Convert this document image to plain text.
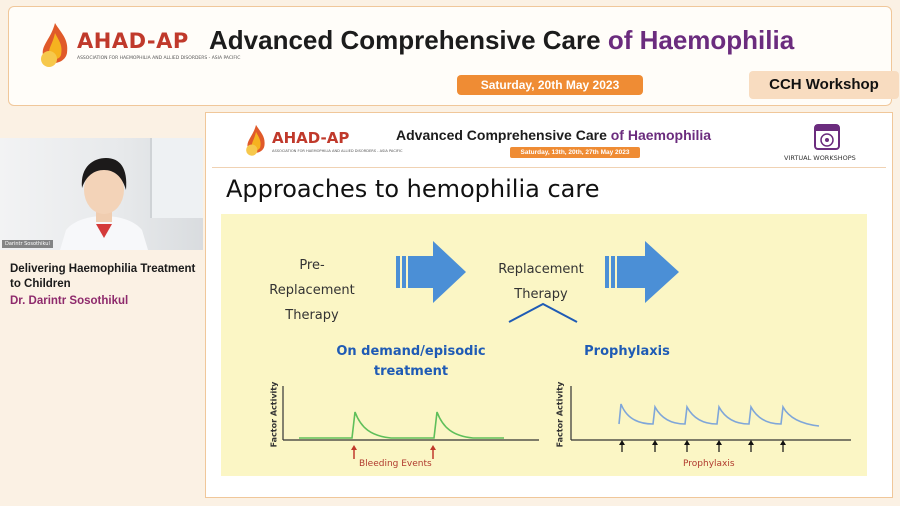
AHAD-AP
ASSOCIATION FOR HAEMOPHILIA AND ALLIED DISORDERS - ASIA PACIFIC
Advanced Comprehensive Care of Haemophilia
Saturday, 20th May 2023	CCH Workshop
Darintr Sosothikul
Delivering Haemophilia Treatment to Children
Dr. Darintr Sosothikul
AHAD-AP
ASSOCIATION FOR HAEMOPHILIA AND ALLIED DISORDERS - ASIA PACIFIC
Advanced Comprehensive Care of Haemophilia
Saturday, 13th, 20th, 27th May 2023
VIRTUAL WORKSHOPS
Approaches to hemophilia care
Pre-
Replacement
Therapy
Replacement
Therapy
On demand/episodic
treatment
Prophylaxis
Factor Activity	Factor Activity
Bleeding Events	Prophylaxis
